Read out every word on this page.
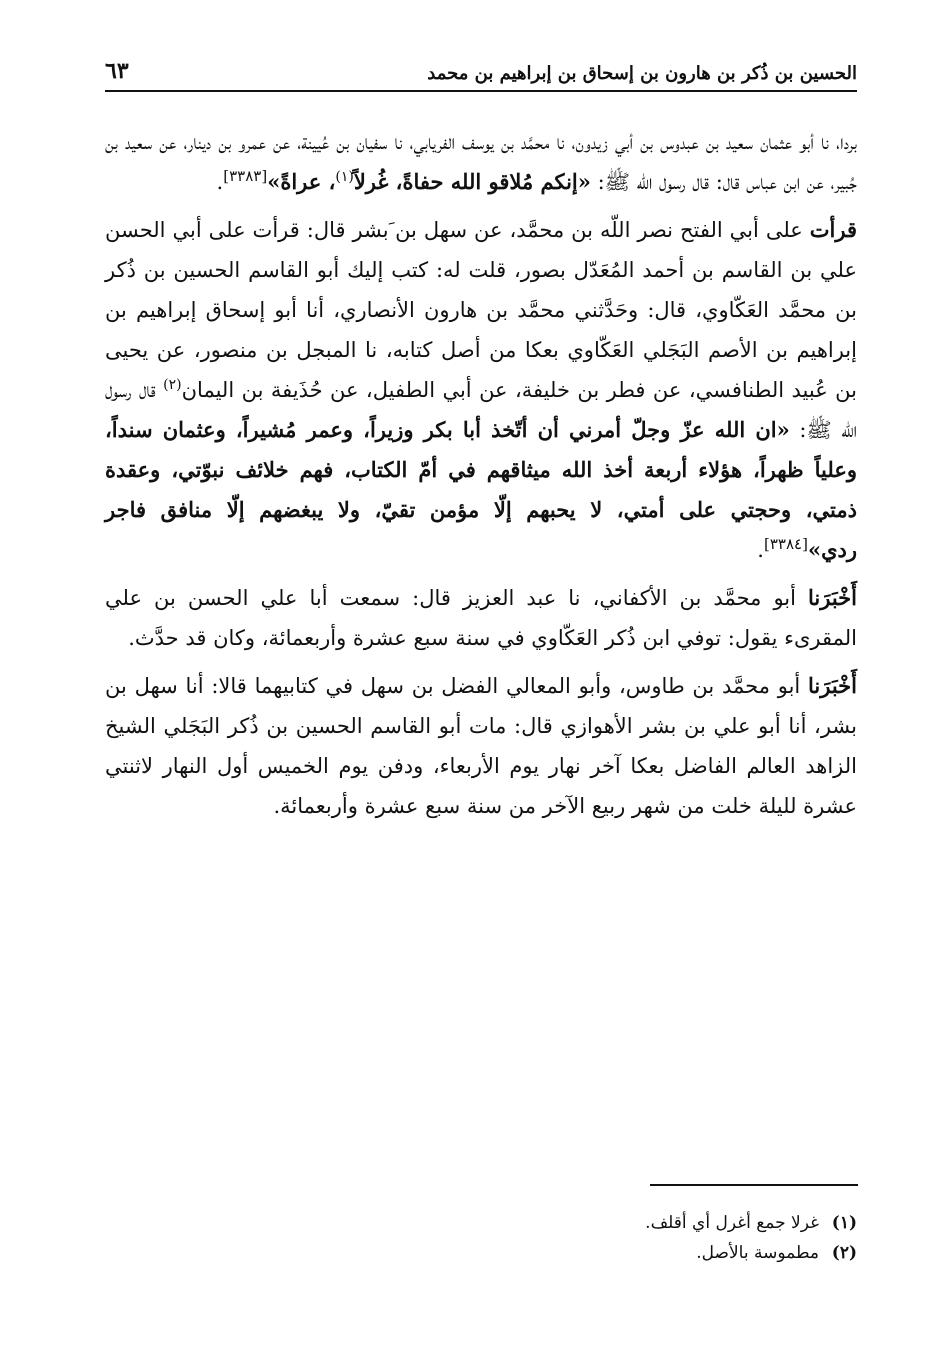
الحسين بن ذُكر بن هارون بن إسحاق بن إبراهيم بن محمد
٦٣

بردا، نا أبو عثمان سعيد بن عبدوس بن أبي زيدون، نا محمَّد بن يوسف الفريابي، نا سفيان بن عُيينة، عن عمرو بن دينار، عن سعيد بن جُبير، عن ابن عباس قال: قال رسول الله ﷺ: «إنكم مُلاقو الله حفاةً، غُرلاً$^{(١)}$، عراةً»[٣٣٨٣].

قرأت على أبي الفتح نصر اللّه بن محمَّد، عن سهل بن َبشر قال: قرأت على أبي الحسن علي بن القاسم بن أحمد المُعَدّل بصور، قلت له: كتب إليك أبو القاسم الحسين بن ذُكر بن محمَّد العَكّاوي، قال: وحَدَّثني محمَّد بن هارون الأنصاري، أنا أبو إسحاق إبراهيم بن إبراهيم بن الأصم البَجَلي العَكّاوي بعكا من أصل كتابه، نا المبجل بن منصور، عن يحيى بن عُبيد الطنافسي، عن فطر بن خليفة، عن أبي الطفيل، عن حُذَيفة بن اليمان$^{(٢)}$ قال رسول الله ﷺ: «ان الله عزّ وجلّ أمرني أن أتّخذ أبا بكر وزيراً، وعمر مُشيراً، وعثمان سنداً، وعلياً ظهراً، هؤلاء أربعة أخذ الله ميثاقهم في أمّ الكتاب، فهم خلائف نبوّتي، وعقدة ذمتي، وحجتي على أمتي، لا يحبهم إلّا مؤمن تقيّ، ولا يبغضهم إلّا منافق فاجر ردي»[٣٣٨٤].

أَخْبَرَنا أبو محمَّد بن الأكفاني، نا عبد العزيز قال: سمعت أبا علي الحسن بن علي المقرىء يقول: توفي ابن ذُكر العَكّاوي في سنة سبع عشرة وأربعمائة، وكان قد حدَّث.

أَخْبَرَنا أبو محمَّد بن طاوس، وأبو المعالي الفضل بن سهل في كتابيهما قالا: أنا سهل بن بشر، أنا أبو علي بن بشر الأهوازي قال: مات أبو القاسم الحسين بن ذُكر البَجَلي الشيخ الزاهد العالم الفاضل بعكا آخر نهار يوم الأربعاء، ودفن يوم الخميس أول النهار لاثنتي عشرة لليلة خلت من شهر ربيع الآخر من سنة سبع عشرة وأربعمائة.

(١)
غرلا جمع أغرل أي أقلف.

(٢)
مطموسة بالأصل.
